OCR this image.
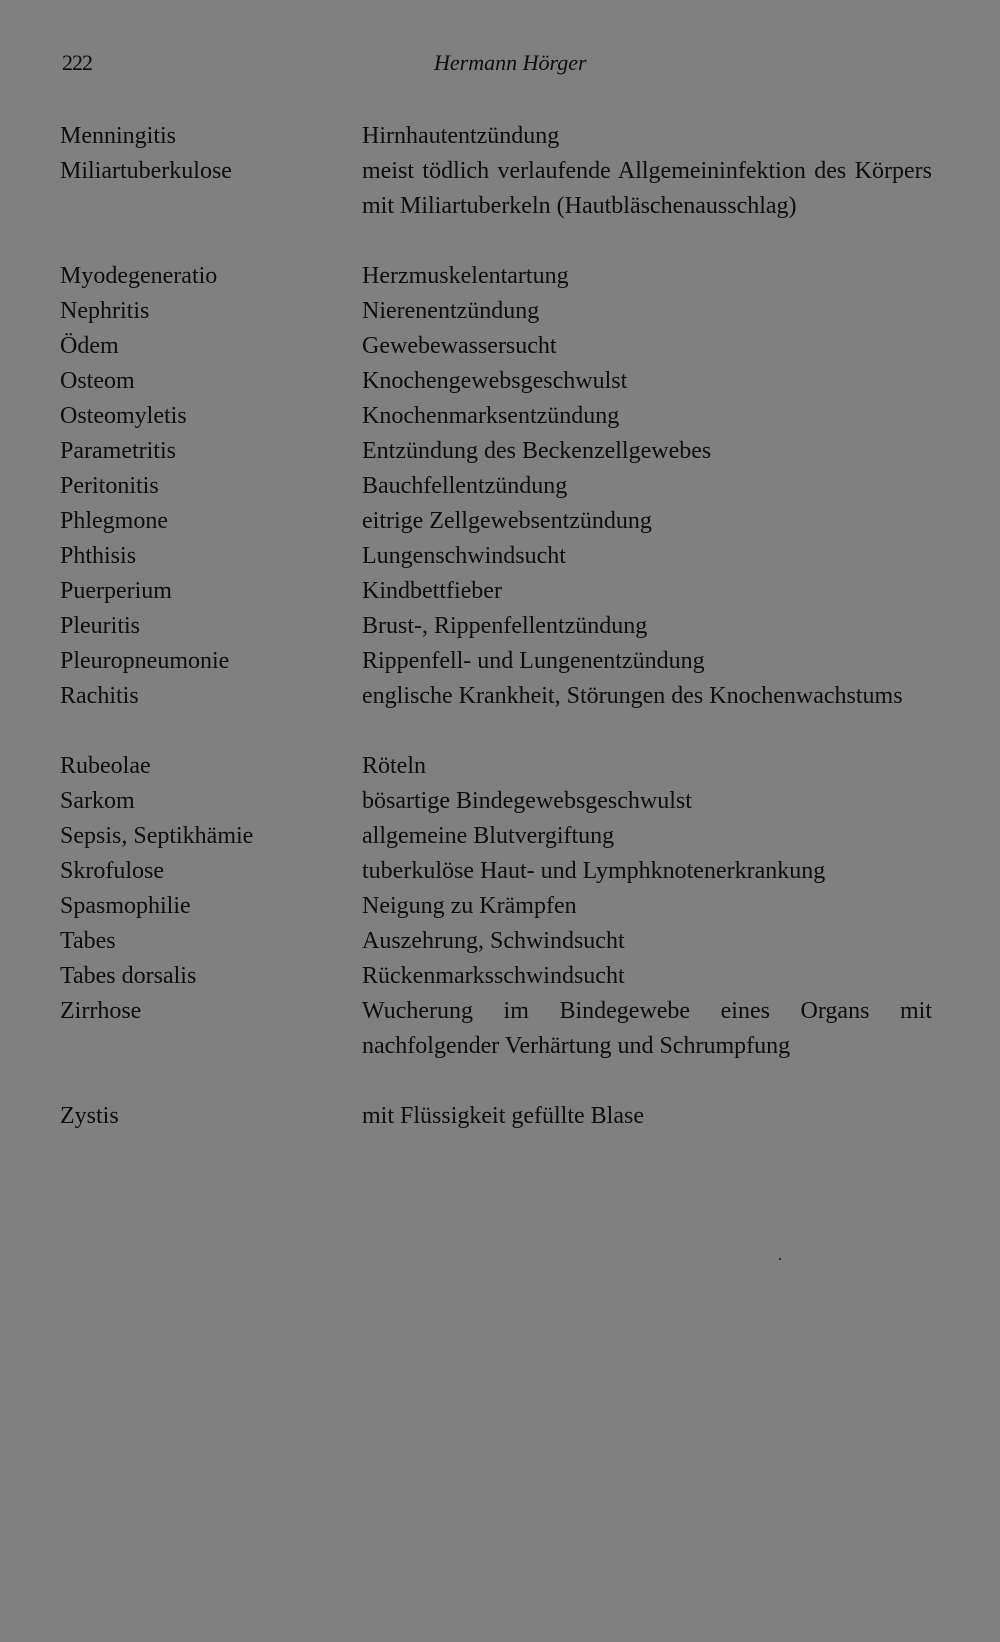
222	Hermann Hörger
Menningitis	Hirnhautentzündung
Miliartuberkulose	meist tödlich verlaufende Allgemeininfektion des Körpers mit Miliartuberkeln (Hautbläschenausschlag)
Myodegeneratio	Herzmuskelentartung
Nephritis	Nierenentzündung
Ödem	Gewebewassersucht
Osteom	Knochengewebsgeschwulst
Osteomyletis	Knochenmarksentzündung
Parametritis	Entzündung des Beckenzellgewebes
Peritonitis	Bauchfellentzündung
Phlegmone	eitrige Zellgewebsentzündung
Phthisis	Lungenschwindsucht
Puerperium	Kindbettfieber
Pleuritis	Brust-, Rippenfellentzündung
Pleuropneumonie	Rippenfell- und Lungenentzündung
Rachitis	englische Krankheit, Störungen des Knochenwachstums
Rubeolae	Röteln
Sarkom	bösartige Bindegewebsgeschwulst
Sepsis, Septikhämie	allgemeine Blutvergiftung
Skrofulose	tuberkulöse Haut- und Lymphknotenerkrankung
Spasmophilie	Neigung zu Krämpfen
Tabes	Auszehrung, Schwindsucht
Tabes dorsalis	Rückenmarksschwindsucht
Zirrhose	Wucherung im Bindegewebe eines Organs mit nachfolgender Verhärtung und Schrumpfung
Zystis	mit Flüssigkeit gefüllte Blase
